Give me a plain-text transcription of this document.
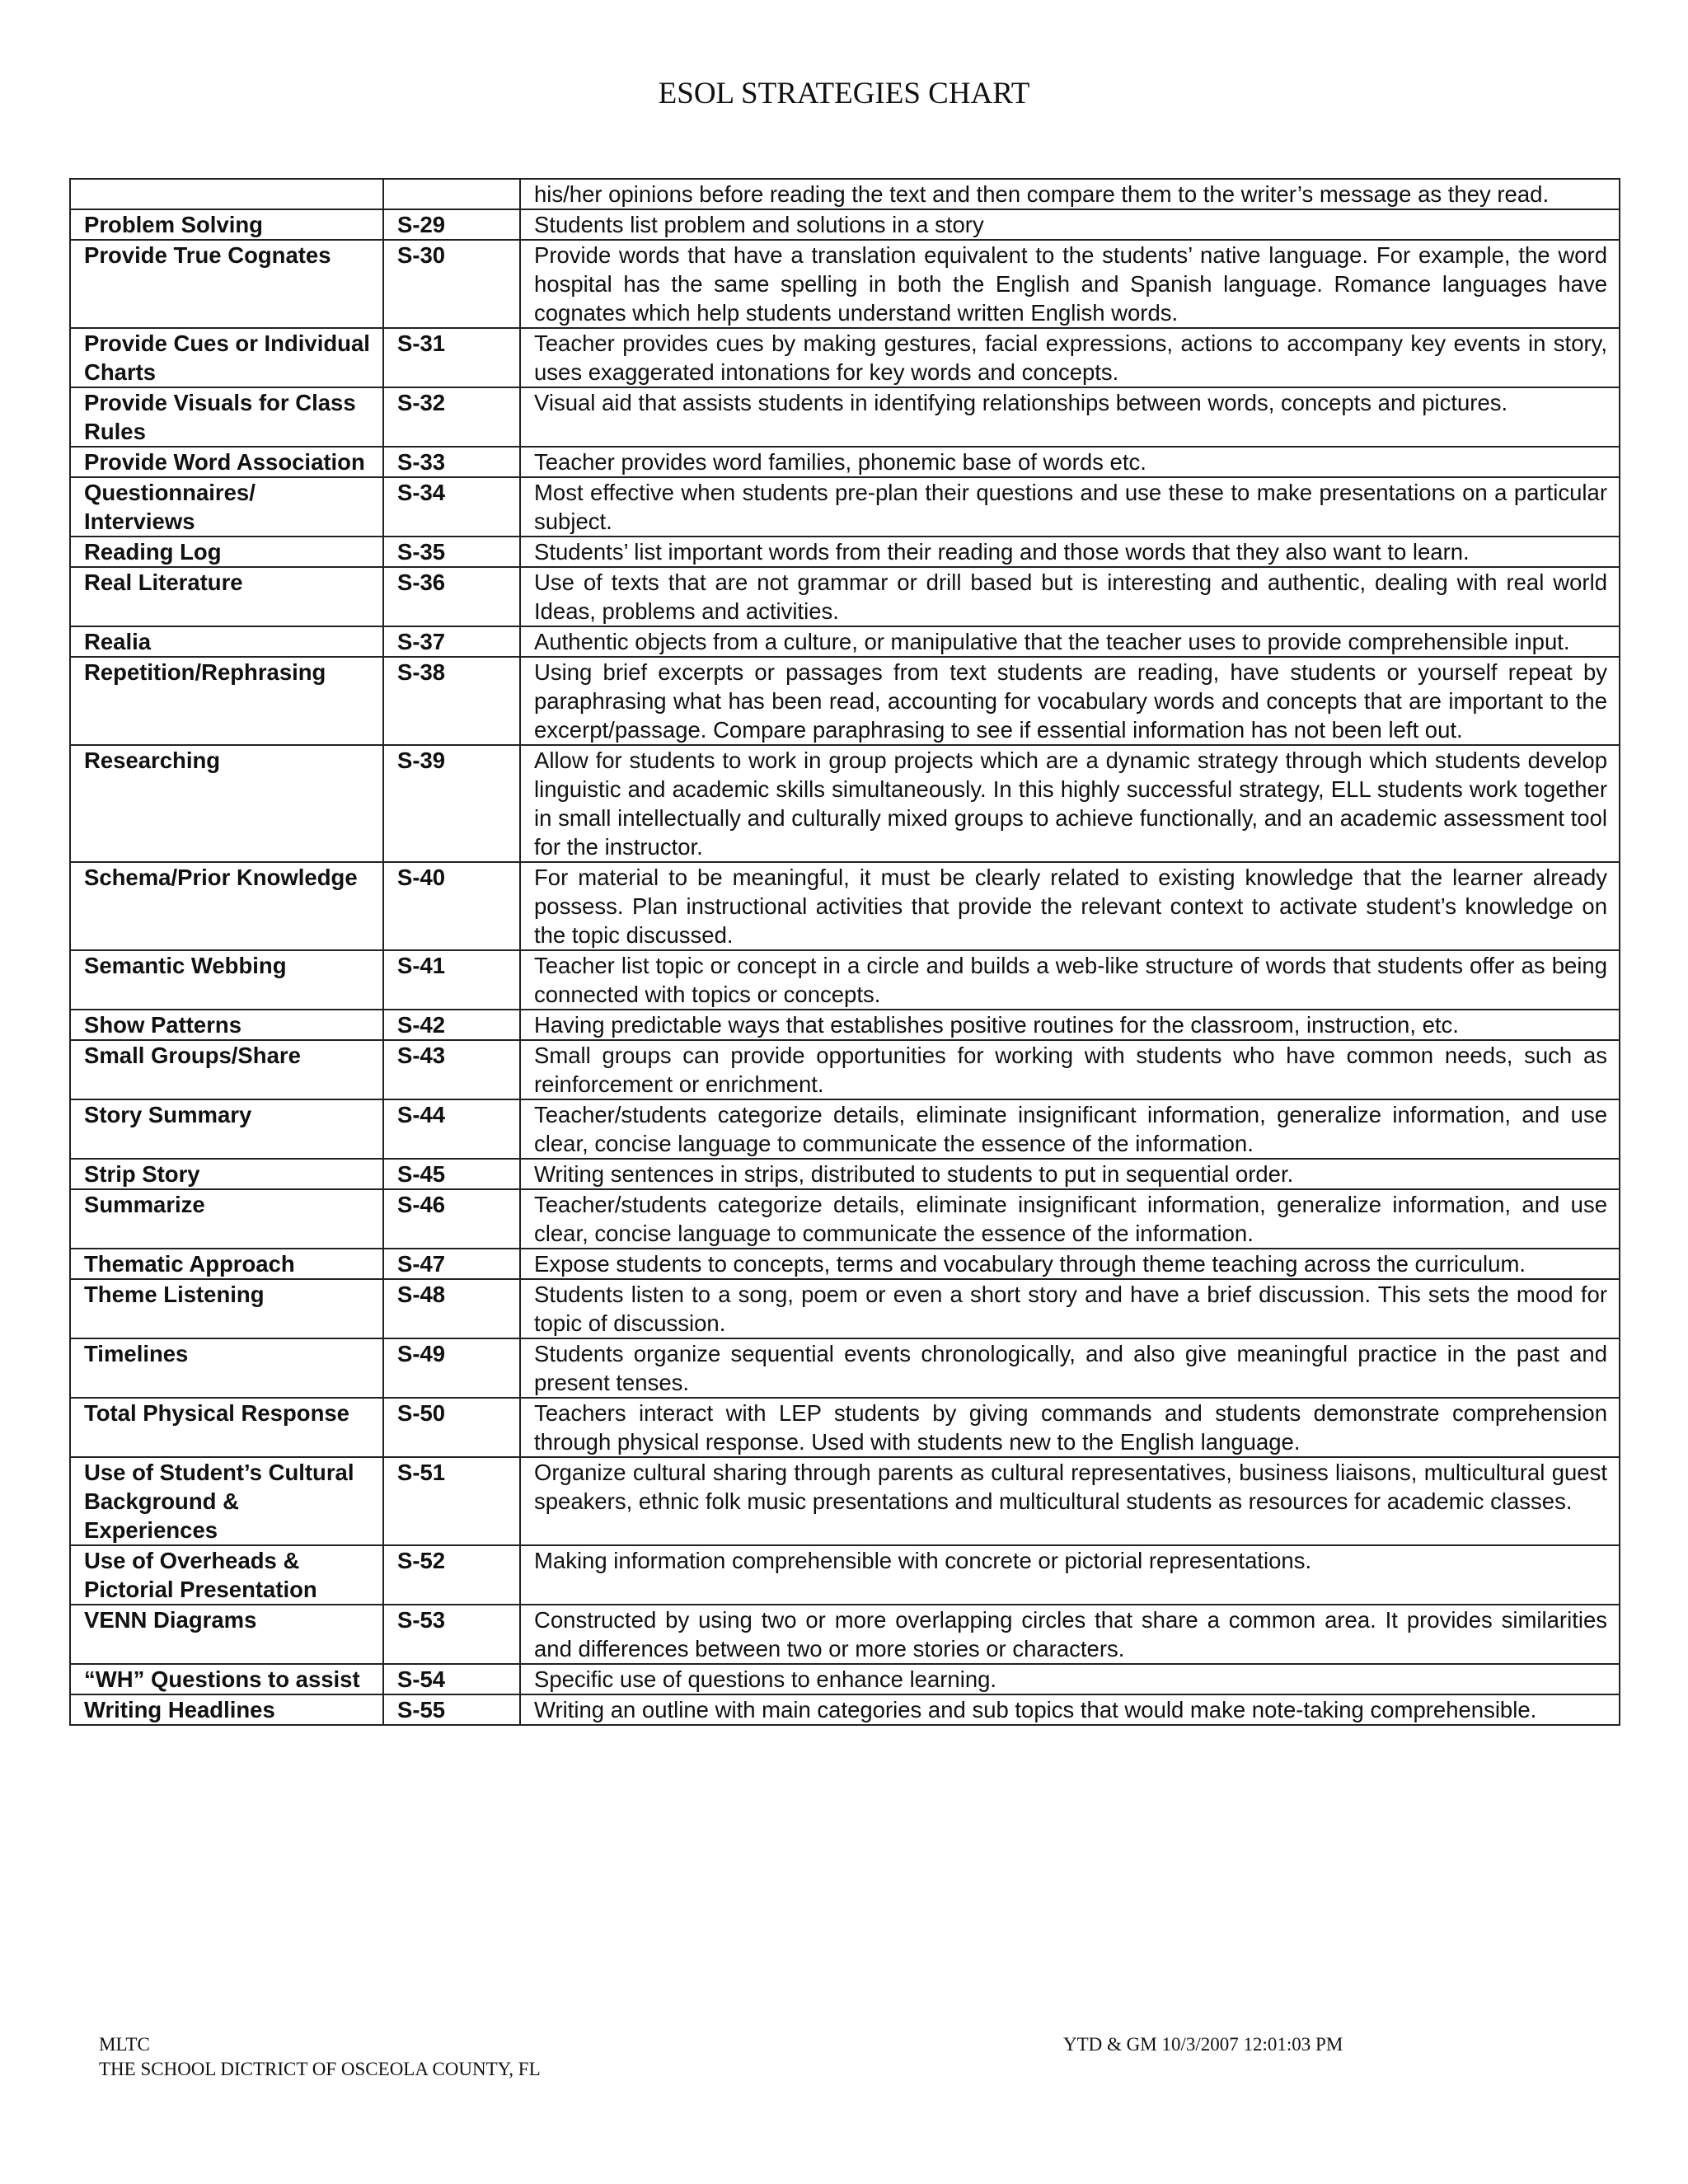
ESOL STRATEGIES CHART
		his/her opinions before reading the text and then compare them to the writer’s message as they read.
Problem Solving	S-29	Students list problem and solutions in a story
Provide True Cognates	S-30	Provide words that have a translation equivalent to the students’ native language. For example, the word hospital has the same spelling in both the English and Spanish language. Romance languages have cognates which help students understand written English words.
Provide Cues or Individual Charts	S-31	Teacher provides cues by making gestures, facial expressions, actions to accompany key events in story, uses exaggerated intonations for key words and concepts.
Provide Visuals for Class Rules	S-32	Visual aid that assists students in identifying relationships between words, concepts and pictures.
Provide Word Association	S-33	Teacher provides word families, phonemic base of words etc.
Questionnaires/ Interviews	S-34	Most effective when students pre-plan their questions and use these to make presentations on a particular subject.
Reading Log	S-35	Students’ list important words from their reading and those words that they also want to learn.
Real Literature	S-36	Use of texts that are not grammar or drill based but is interesting and authentic, dealing with real world Ideas, problems and activities.
Realia	S-37	Authentic objects from a culture, or manipulative that the teacher uses to provide comprehensible input.
Repetition/Rephrasing	S-38	Using brief excerpts or passages from text students are reading, have students or yourself repeat by paraphrasing what has been read, accounting for vocabulary words and concepts that are important to the excerpt/passage. Compare paraphrasing to see if essential information has not been left out.
Researching	S-39	Allow for students to work in group projects which are a dynamic strategy through which students develop linguistic and academic skills simultaneously. In this highly successful strategy, ELL students work together in small intellectually and culturally mixed groups to achieve functionally, and an academic assessment tool for the instructor.
Schema/Prior Knowledge	S-40	For material to be meaningful, it must be clearly related to existing knowledge that the learner already possess. Plan instructional activities that provide the relevant context to activate student’s knowledge on the topic discussed.
Semantic Webbing	S-41	Teacher list topic or concept in a circle and builds a web-like structure of words that students offer as being connected with topics or concepts.
Show Patterns	S-42	Having predictable ways that establishes positive routines for the classroom, instruction, etc.
Small Groups/Share	S-43	Small groups can provide opportunities for working with students who have common needs, such as reinforcement or enrichment.
Story Summary	S-44	Teacher/students categorize details, eliminate insignificant information, generalize information, and use clear, concise language to communicate the essence of the information.
Strip Story	S-45	Writing sentences in strips, distributed to students to put in sequential order.
Summarize	S-46	Teacher/students categorize details, eliminate insignificant information, generalize information, and use clear, concise language to communicate the essence of the information.
Thematic Approach	S-47	Expose students to concepts, terms and vocabulary through theme teaching across the curriculum.
Theme Listening	S-48	Students listen to a song, poem or even a short story and have a brief discussion. This sets the mood for topic of discussion.
Timelines	S-49	Students organize sequential events chronologically, and also give meaningful practice in the past and present tenses.
Total Physical Response	S-50	Teachers interact with LEP students by giving commands and students demonstrate comprehension through physical response. Used with students new to the English language.
Use of Student’s Cultural Background & Experiences	S-51	Organize cultural sharing through parents as cultural representatives, business liaisons, multicultural guest speakers, ethnic folk music presentations and multicultural students as resources for academic classes.
Use of Overheads & Pictorial Presentation	S-52	Making information comprehensible with concrete or pictorial representations.
VENN Diagrams	S-53	Constructed by using two or more overlapping circles that share a common area. It provides similarities and differences between two or more stories or characters.
“WH” Questions to assist	S-54	Specific use of questions to enhance learning.
Writing Headlines	S-55	Writing an outline with main categories and sub topics that would make note-taking comprehensible.
MLTC
THE SCHOOL DICTRICT OF OSCEOLA COUNTY, FL
YTD & GM 10/3/2007 12:01:03 PM
